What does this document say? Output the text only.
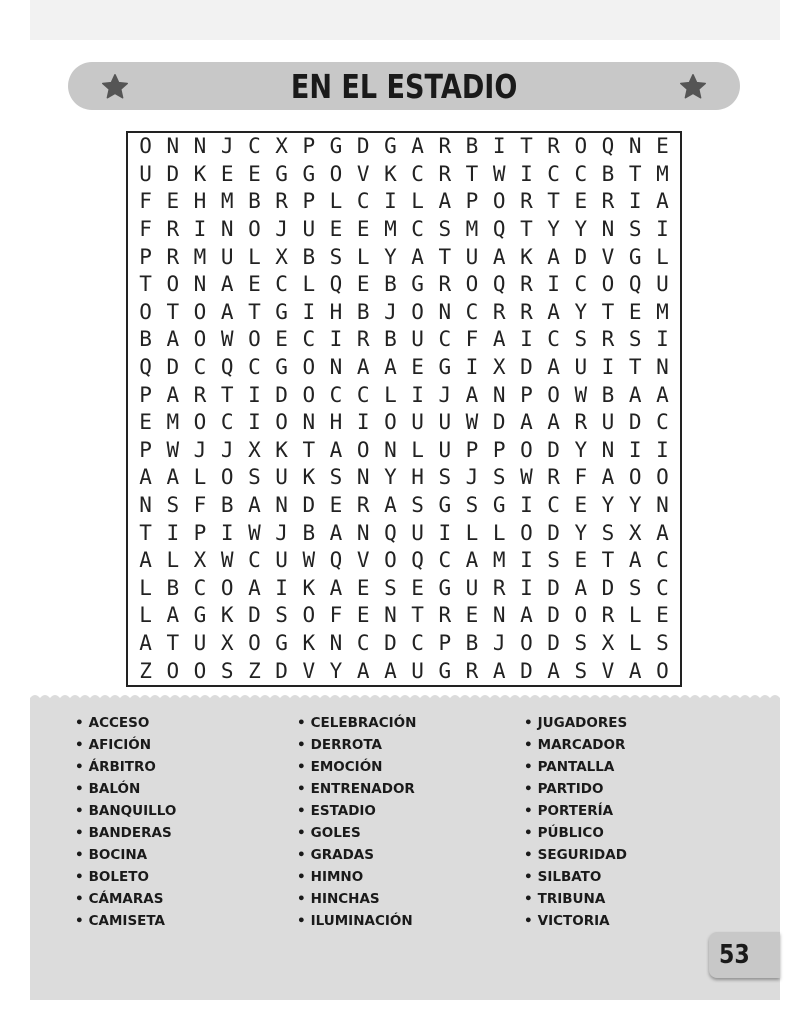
EN EL ESTADIO
O N N J C X P G D G A R B I T R O Q N E
U D K E E G G O V K C R T W I C C B T M
F E H M B R P L C I L A P O R T E R I A
F R I N O J U E E M C S M Q T Y Y N S I
P R M U L X B S L Y A T U A K A D V G L
T O N A E C L Q E B G R O Q R I C O Q U
O T O A T G I H B J O N C R R A Y T E M
B A O W O E C I R B U C F A I C S R S I
Q D C Q C G O N A A E G I X D A U I T N
P A R T I D O C C L I J A N P O W B A A
E M O C I O N H I O U U W D A A R U D C
P W J J X K T A O N L U P P O D Y N I I
A A L O S U K S N Y H S J S W R F A O O
N S F B A N D E R A S G S G I C E Y Y N
T I P I W J B A N Q U I L L O D Y S X A
A L X W C U W Q V O Q C A M I S E T A C
L B C O A I K A E S E G U R I D A D S C
L A G K D S O F E N T R E N A D O R L E
A T U X O G K N C D C P B J O D S X L S
Z O O S Z D V Y A A U G R A D A S V A O
• ACCESO
• AFICIÓN
• ÁRBITRO
• BALÓN
• BANQUILLO
• BANDERAS
• BOCINA
• BOLETO
• CÁMARAS
• CAMISETA
• CELEBRACIÓN
• DERROTA
• EMOCIÓN
• ENTRENADOR
• ESTADIO
• GOLES
• GRADAS
• HIMNO
• HINCHAS
• ILUMINACIÓN
• JUGADORES
• MARCADOR
• PANTALLA
• PARTIDO
• PORTERÍA
• PÚBLICO
• SEGURIDAD
• SILBATO
• TRIBUNA
• VICTORIA
53
